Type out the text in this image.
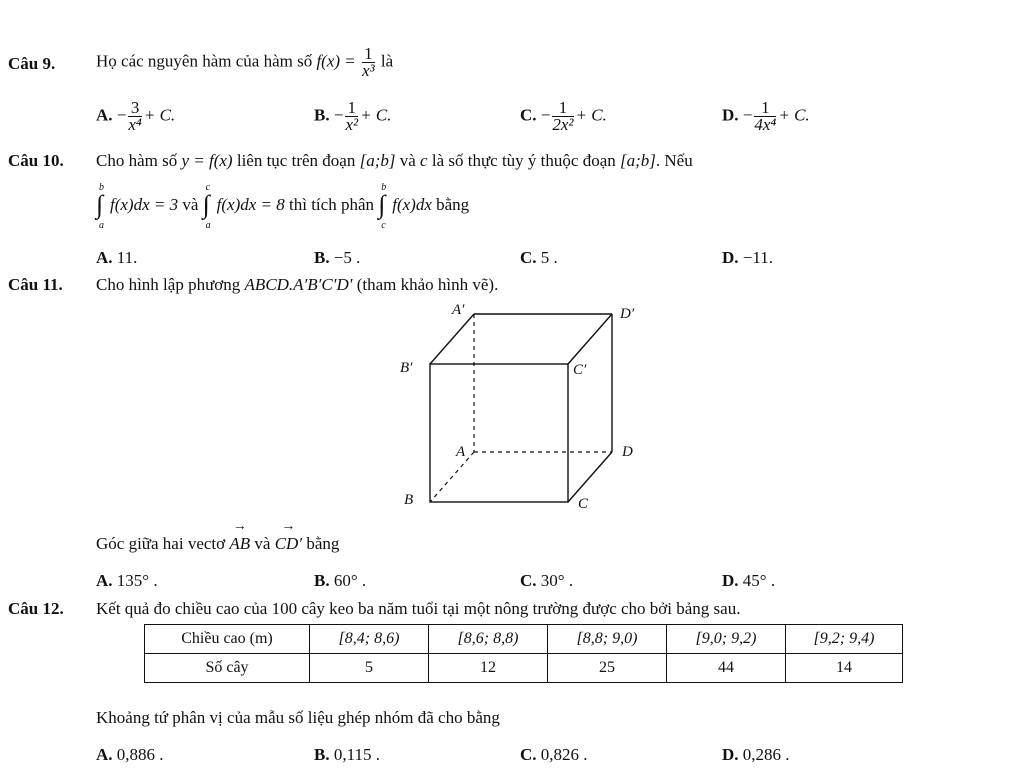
Câu 9. Họ các nguyên hàm của hàm số $f(x) = \frac{1}{\text{x³}}$ là
A. − $\frac{3}{\text{x⁴}} + C$.	B. − $\frac{1}{\text{x²}} + C$.	C. − $\frac{1}{\text{2x²}} + C$.	D. − $\frac{1}{\text{4x⁴}} + C$.
Câu 10. Cho hàm số y = f(x) liên tục trên đoạn [a;b] và c là số thực tùy ý thuộc đoạn [a;b]. Nếu
b
∫
a
f(x)dx = 3 và
c
∫
a
f(x)dx = 8 thì tích phân
b
∫
c
f(x)dx bằng
A. 11.	B. −5 .	C. 5 .	D. −11.
Câu 11. Cho hình lập phương ABCD.A′B′C′D′ (tham khảo hình vẽ).
A′	D′
B′	C′
A	D
B	C
Góc giữa hai vectơ → AB và → CD′ bằng
A. 135° .	B. 60° .	C. 30° .	D. 45° .
Câu 12. Kết quả đo chiều cao của 100 cây keo ba năm tuổi tại một nông trường được cho bởi bảng sau.
Chiều cao (m)	[8,4; 8,6)	[8,6; 8,8)	[8,8; 9,0)	[9,0; 9,2)	[9,2; 9,4)
Số cây	5	12	25	44	14
Khoảng tứ phân vị của mẫu số liệu ghép nhóm đã cho bằng
A. 0,886 .	B. 0,115 .	C. 0,826 .	D. 0,286 .
